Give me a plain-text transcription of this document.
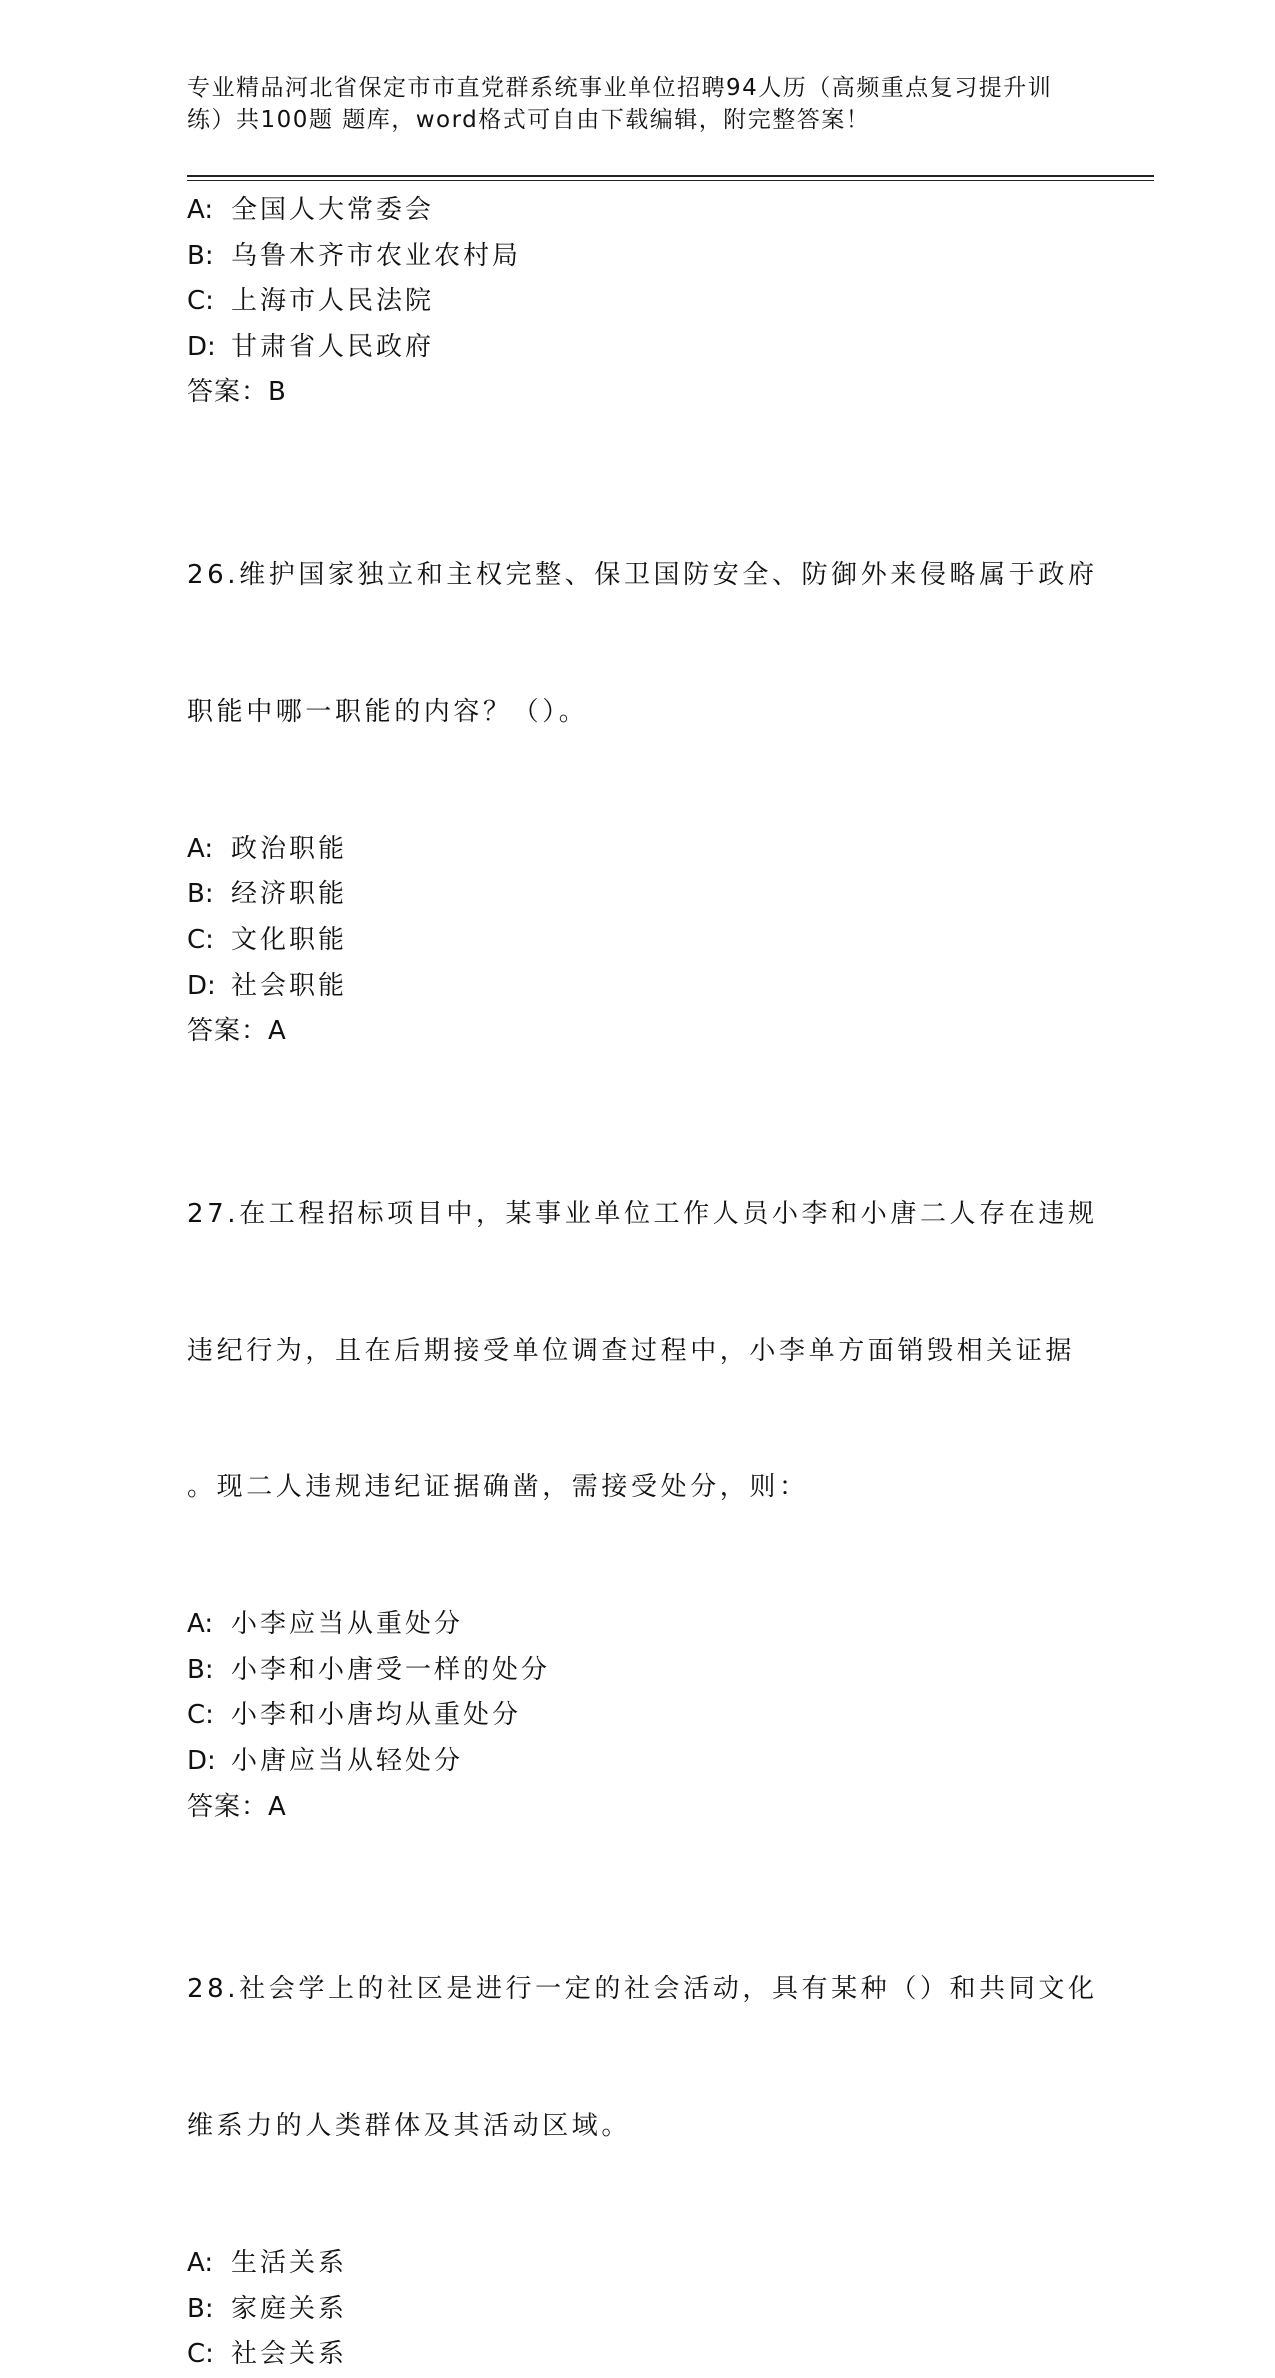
专业精品河北省保定市市直党群系统事业单位招聘94人历（高频重点复习提升训
练）共100题 题库，word格式可自由下载编辑，附完整答案！
A: 全国人大常委会
B: 乌鲁木齐市农业农村局
C: 上海市人民法院
D: 甘肃省人民政府
答案：B

26.维护国家独立和主权完整、保卫国防安全、防御外来侵略属于政府

职能中哪一职能的内容？（）。

A: 政治职能
B: 经济职能
C: 文化职能
D: 社会职能
答案：A

27.在工程招标项目中，某事业单位工作人员小李和小唐二人存在违规

违纪行为，且在后期接受单位调查过程中，小李单方面销毁相关证据

。现二人违规违纪证据确凿，需接受处分，则：

A: 小李应当从重处分
B: 小李和小唐受一样的处分
C: 小李和小唐均从重处分
D: 小唐应当从轻处分
答案：A

28.社会学上的社区是进行一定的社会活动，具有某种（）和共同文化

维系力的人类群体及其活动区域。

A: 生活关系
B: 家庭关系
C: 社会关系
